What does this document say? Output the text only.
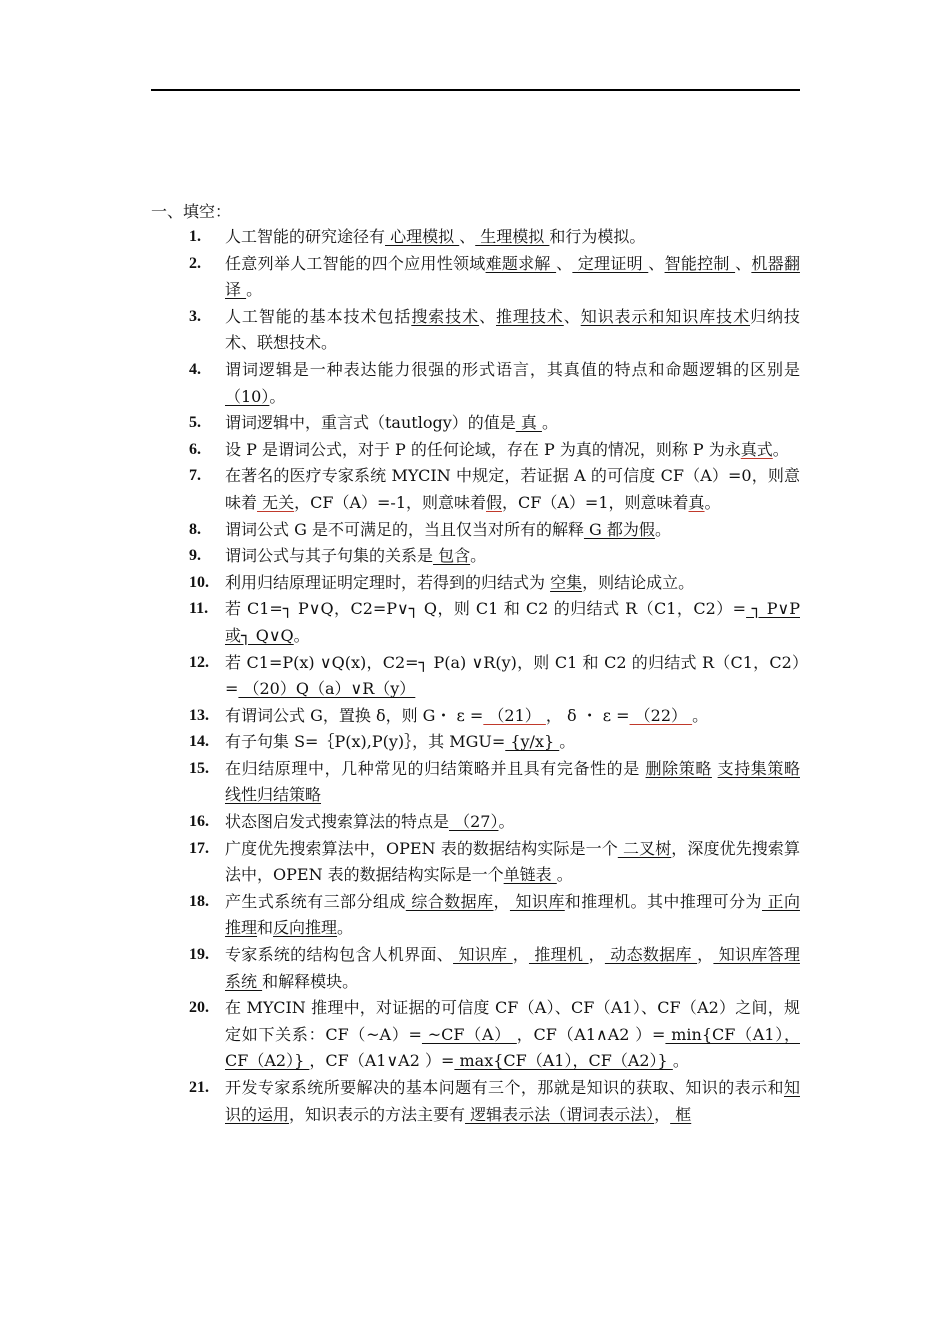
一、填空：

1. 人工智能的研究途径有 心理模拟 、 生理模拟 和行为模拟。
2. 任意列举人工智能的四个应用性领域难题求解 、 定理证明 、智能控制 、机器翻译 。
3. 人工智能的基本技术包括搜索技术、推理技术、知识表示和知识库技术归纳技术、联想技术。
4. 谓词逻辑是一种表达能力很强的形式语言，其真值的特点和命题逻辑的区别是（10）。
5. 谓词逻辑中，重言式（tautlogy）的值是 真 。
6. 设 P 是谓词公式，对于 P 的任何论域，存在 P 为真的情况，则称 P 为永真式。
7. 在著名的医疗专家系统 MYCIN 中规定，若证据 A 的可信度 CF（A）=0，则意味着 无关，CF（A）=-1，则意味着假，CF（A）=1，则意味着真。
8. 谓词公式 G 是不可满足的，当且仅当对所有的解释 G 都为假。
9. 谓词公式与其子句集的关系是 包含。
10. 利用归结原理证明定理时，若得到的归结式为 空集，则结论成立。
11. 若 C1=┐ P∨Q，C2=P∨┐ Q，则 C1 和 C2 的归结式 R（C1，C2）= ┐ P∨P 或┐ Q∨Q。
12. 若 C1=P(x) ∨Q(x)，C2=┐ P(a) ∨R(y)，则 C1 和 C2 的归结式 R（C1，C2）= （20）Q（a）∨R（y）
13. 有谓词公式 G，置换 δ，则 G・ ε = （21） ， δ ・ ε = （22） 。
14. 有子句集 S=｛P(x),P(y)｝，其 MGU= {y/x} 。
15. 在归结原理中，几种常见的归结策略并且具有完备性的是 删除策略 支持集策略 线性归结策略
16. 状态图启发式搜索算法的特点是 （27）。
17. 广度优先搜索算法中，OPEN 表的数据结构实际是一个 二叉树，深度优先搜索算法中，OPEN 表的数据结构实际是一个单链表 。
18. 产生式系统有三部分组成 综合数据库， 知识库和推理机。其中推理可分为 正向推理和反向推理。
19. 专家系统的结构包含人机界面、 知识库 ， 推理机 ， 动态数据库 ， 知识库答理系统 和解释模块。
20. 在 MYCIN 推理中，对证据的可信度 CF（A）、CF（A1）、CF（A2）之间，规定如下关系：CF（~A）= ~CF（A） ，CF（A1∧A2 ）= min{CF（A1），CF（A2）} ，CF（A1∨A2 ）= max{CF（A1），CF（A2）} 。
21. 开发专家系统所要解决的基本问题有三个，那就是知识的获取、知识的表示和知识的运用，知识表示的方法主要有 逻辑表示法（谓词表示法）， 框
